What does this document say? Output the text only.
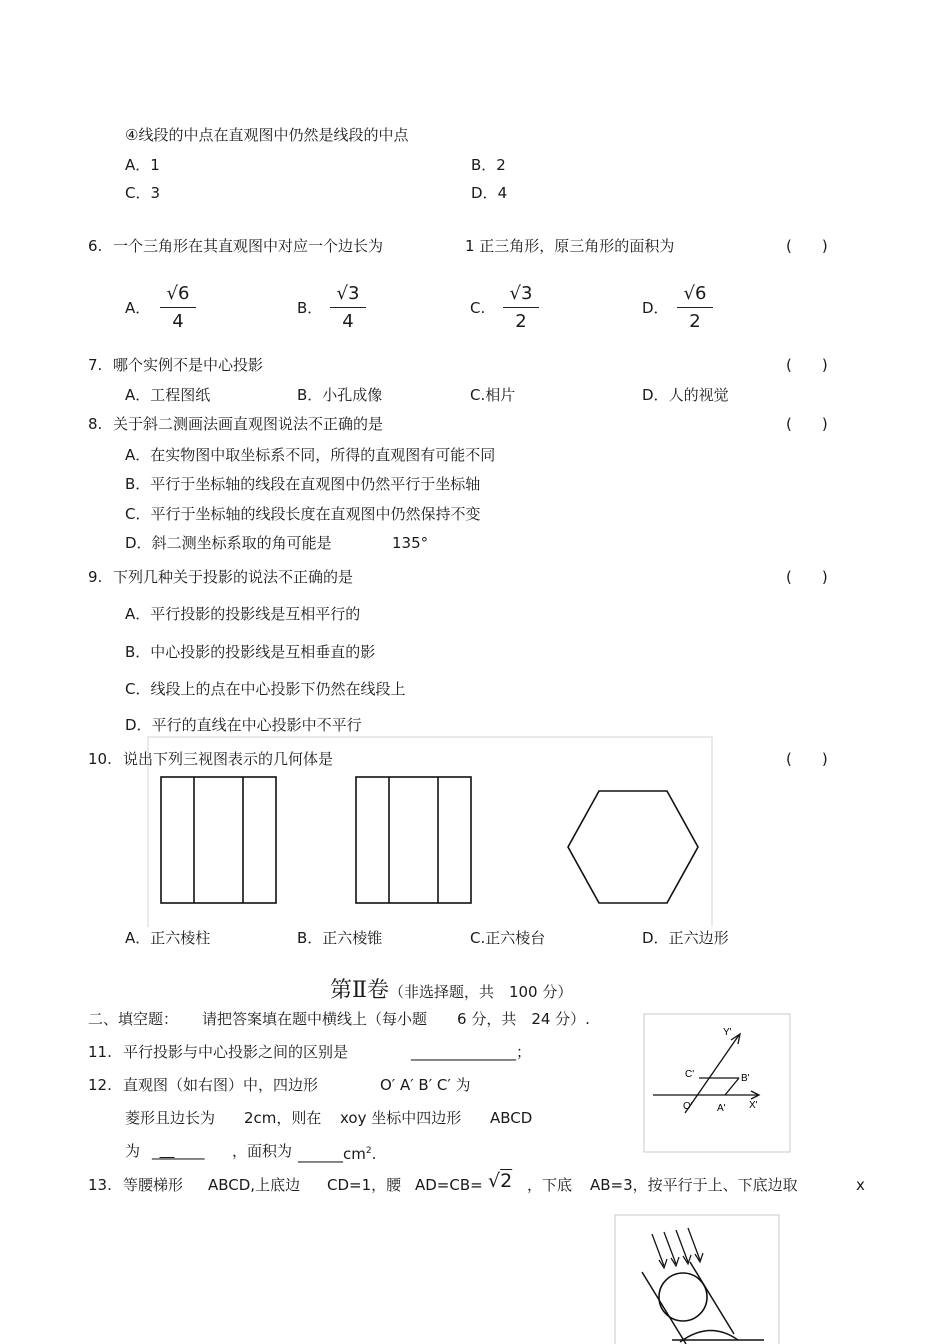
④线段的中点在直观图中仍然是线段的中点
A．1	B．2
C．3	D．4
6. 一个三角形在其直观图中对应一个边长为	1 正三角形，原三角形的面积为	(　　)
A． $\frac{√6}{4}$	B． $\frac{√3}{4}$	C. $\frac{√3}{2}$	D． $\frac{√6}{2}$
7. 哪个实例不是中心投影	(　　)
A．工程图纸	B．小孔成像	C.相片	D．人的视觉
8. 关于斜二测画法画直观图说法不正确的是	(　　)
A．在实物图中取坐标系不同，所得的直观图有可能不同
B．平行于坐标轴的线段在直观图中仍然平行于坐标轴
C．平行于坐标轴的线段长度在直观图中仍然保持不变
D．斜二测坐标系取的角可能是	135°
9. 下列几种关于投影的说法不正确的是	(　　)
A．平行投影的投影线是互相平行的
B．中心投影的投影线是互相垂直的影
C．线段上的点在中心投影下仍然在线段上
D．平行的直线在中心投影中不平行
10. 说出下列三视图表示的几何体是	(　　)
A．正六棱柱	B．正六棱锥	C.正六棱台	D．正六边形
第Ⅱ卷（非选择题，共　100 分）
二、填空题： 请把答案填在题中横线上（每小题　　6 分，共　24 分）.
11. 平行投影与中心投影之间的区别是	______________；
12. 直观图（如右图）中，四边形	O′ A′ B′ C′ 为
菱形且边长为 2cm，则在 xoy 坐标中四边形 ABCD
为 _______ ，面积为 $\_\_\_\_\_\_cm^2$.
Y'
C'	B'
O' A' X'
13. 等腰梯形 ABCD,上底边 CD=1，腰 AD=CB= √2 ，下底 AB=3，按平行于上、下底边取	x
